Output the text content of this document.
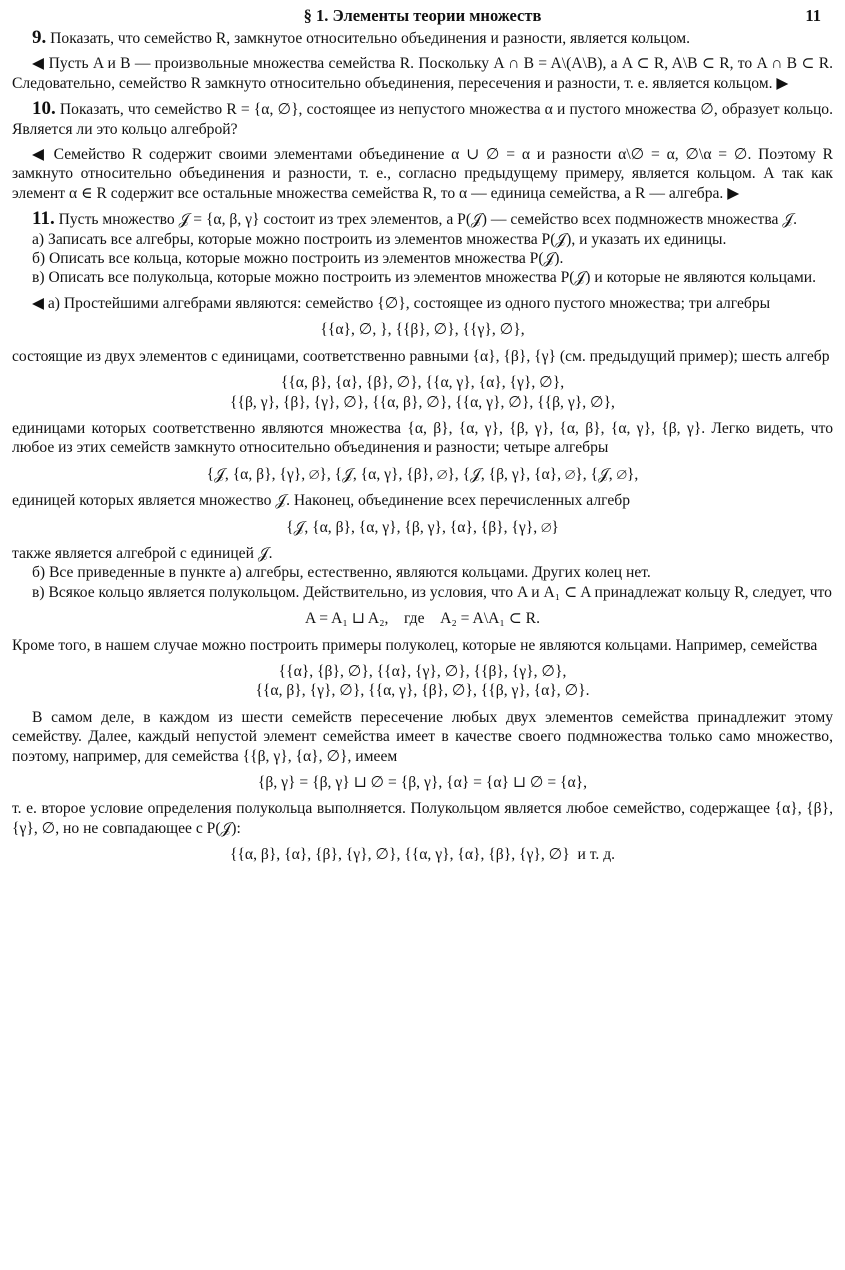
§ 1. Элементы теории множеств	11

9. Показать, что семейство R, замкнутое относительно объединения и разности, является кольцом.

◀ Пусть A и B — произвольные множества семейства R. Поскольку A ∩ B = A\(A\B), а A ⊂ R, A\B ⊂ R, то A ∩ B ⊂ R. Следовательно, семейство R замкнуто относительно объединения, пересечения и разности, т. е. является кольцом. ▶

10. Показать, что семейство R = {α, ∅}, состоящее из непустого множества α и пустого множества ∅, образует кольцо. Является ли это кольцо алгеброй?

◀ Семейство R содержит своими элементами объединение α ∪ ∅ = α и разности α\∅ = α, ∅\α = ∅. Поэтому R замкнуто относительно объединения и разности, т. е., согласно предыдущему примеру, является кольцом. А так как элемент α ∈ R содержит все остальные множества семейства R, то α — единица семейства, а R — алгебра. ▶

11. Пусть множество 𝒥 = {α, β, γ} состоит из трех элементов, а P(𝒥) — семейство всех подмножеств множества 𝒥.

а) Записать все алгебры, которые можно построить из элементов множества P(𝒥), и указать их единицы.

б) Описать все кольца, которые можно построить из элементов множества P(𝒥).

в) Описать все полукольца, которые можно построить из элементов множества P(𝒥) и которые не являются кольцами.

◀ а) Простейшими алгебрами являются: семейство {∅}, состоящее из одного пустого множества; три алгебры

{{α}, ∅, }, {{β}, ∅}, {{γ}, ∅},

состоящие из двух элементов с единицами, соответственно равными {α}, {β}, {γ} (см. предыдущий пример); шесть алгебр

{{α, β}, {α}, {β}, ∅}, {{α, γ}, {α}, {γ}, ∅},
{{β, γ}, {β}, {γ}, ∅}, {{α, β}, ∅}, {{α, γ}, ∅}, {{β, γ}, ∅},

единицами которых соответственно являются множества {α, β}, {α, γ}, {β, γ}, {α, β}, {α, γ}, {β, γ}. Легко видеть, что любое из этих семейств замкнуто относительно объединения и разности; четыре алгебры

{𝒥, {α, β}, {γ}, ∅}, {𝒥, {α, γ}, {β}, ∅}, {𝒥, {β, γ}, {α}, ∅}, {𝒥, ∅},

единицей которых является множество 𝒥. Наконец, объединение всех перечисленных алгебр

{𝒥, {α, β}, {α, γ}, {β, γ}, {α}, {β}, {γ}, ∅}

также является алгеброй с единицей 𝒥.

б) Все приведенные в пункте а) алгебры, естественно, являются кольцами. Других колец нет.

в) Всякое кольцо является полукольцом. Действительно, из условия, что A и A₁ ⊂ A принадлежат кольцу R, следует, что

A = A₁ ⊔ A₂,    где    A₂ = A\A₁ ⊂ R.

Кроме того, в нашем случае можно построить примеры полуколец, которые не являются кольцами. Например, семейства

{{α}, {β}, ∅}, {{α}, {γ}, ∅}, {{β}, {γ}, ∅},
{{α, β}, {γ}, ∅}, {{α, γ}, {β}, ∅}, {{β, γ}, {α}, ∅}.

В самом деле, в каждом из шести семейств пересечение любых двух элементов семейства принадлежит этому семейству. Далее, каждый непустой элемент семейства имеет в качестве своего подмножества только само множество, поэтому, например, для семейства {{β, γ}, {α}, ∅}, имеем

{β, γ} = {β, γ} ⊔ ∅ = {β, γ}, {α} = {α} ⊔ ∅ = {α},

т. е. второе условие определения полукольца выполняется. Полукольцом является любое семейство, содержащее {α}, {β}, {γ}, ∅, но не совпадающее с P(𝒥):

{{α, β}, {α}, {β}, {γ}, ∅}, {{α, γ}, {α}, {β}, {γ}, ∅}  и т. д.
